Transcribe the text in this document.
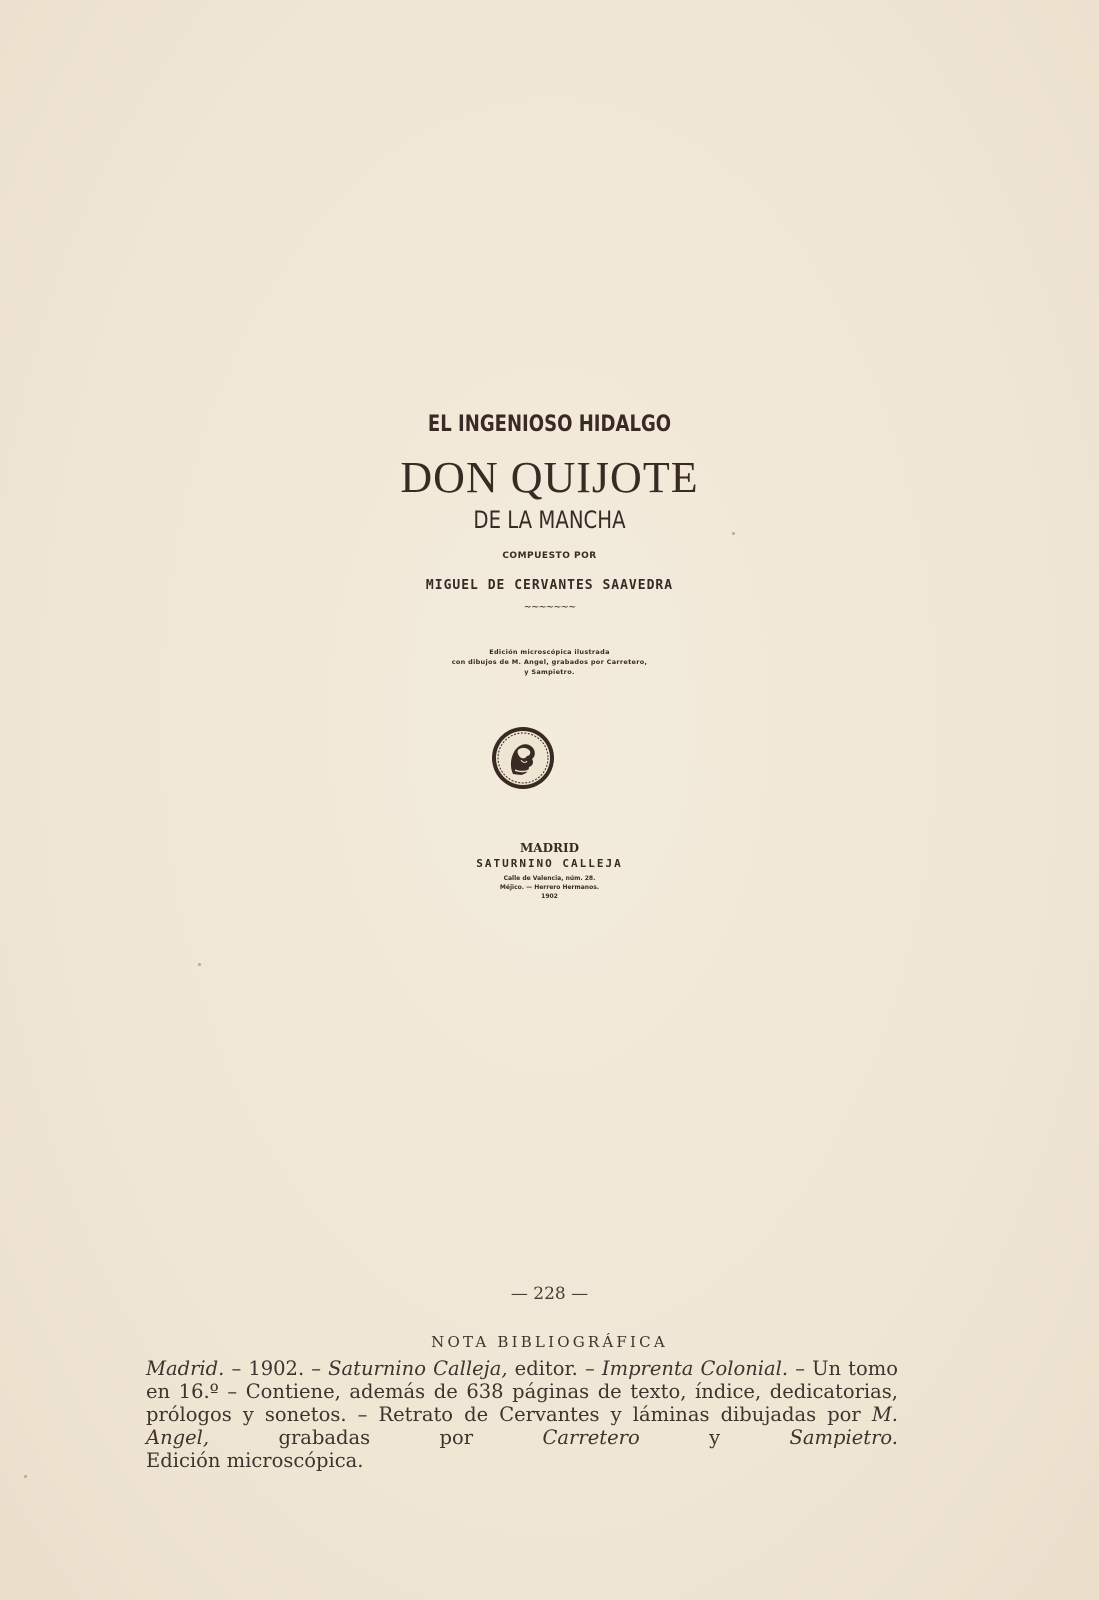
EL INGENIOSO HIDALGO
DON QUIJOTE
DE LA MANCHA
COMPUESTO POR
MIGUEL DE CERVANTES SAAVEDRA
~~~~~~~
Edición microscópica ilustrada
con dibujos de M. Angel, grabados por Carretero,
y Sampietro.
MADRID
SATURNINO CALLEJA
Calle de Valencia, núm. 28.
Méjico. — Herrero Hermanos.
1902
— 228 —
NOTA BIBLIOGRÁFICA

Madrid. – 1902. – Saturnino Calleja, editor. – Imprenta Colonial. – Un tomo en 16.º – Contiene, además de 638 páginas de texto, índice, dedicatorias, prólogos y sonetos. – Retrato de Cervantes y láminas dibujadas por M. Angel, grabadas por Carretero y Sampietro.

Edición microscópica.
